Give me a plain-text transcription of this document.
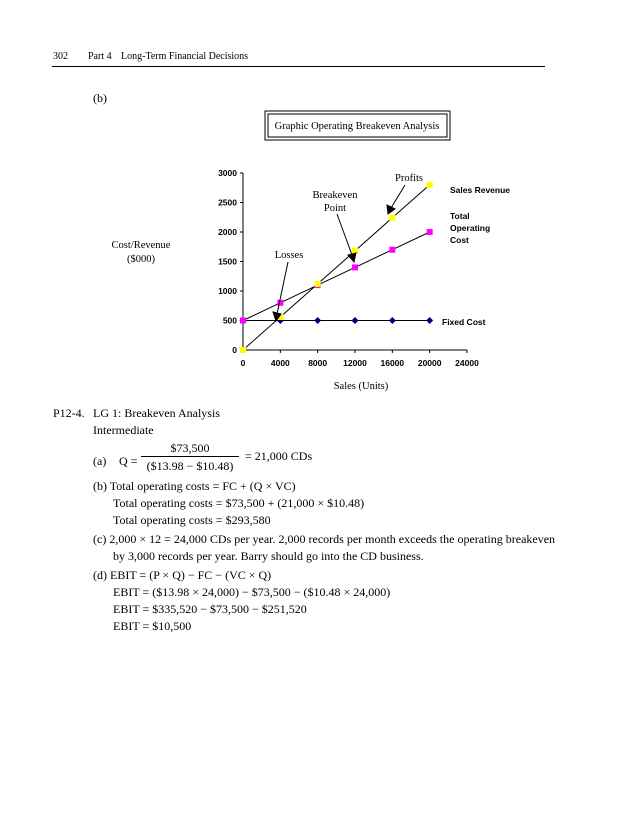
302 Part 4 Long-Term Financial Decisions
(b)
Graphic Operating Breakeven Analysis
0
500
1000
1500
2000
2500
3000
0	4000 8000 12000 16000 20000 24000
Cost/Revenue
($000)
Sales (Units)
Sales Revenue
Total
Operating
Cost
Fixed Cost
Profits
Breakeven
Point
Losses
P12-4. LG 1: Breakeven Analysis
Intermediate
(a) Q =
$73,500
($13.98 − $10.48)
= 21,000 CDs
(b) Total operating costs = FC + (Q × VC)
Total operating costs = $73,500 + (21,000 × $10.48)
Total operating costs = $293,580
(c) 2,000 × 12 = 24,000 CDs per year. 2,000 records per month exceeds the operating breakeven
by 3,000 records per year. Barry should go into the CD business.
(d) EBIT = (P × Q) − FC − (VC × Q)
EBIT = ($13.98 × 24,000) − $73,500 − ($10.48 × 24,000)
EBIT = $335,520 − $73,500 − $251,520
EBIT = $10,500
